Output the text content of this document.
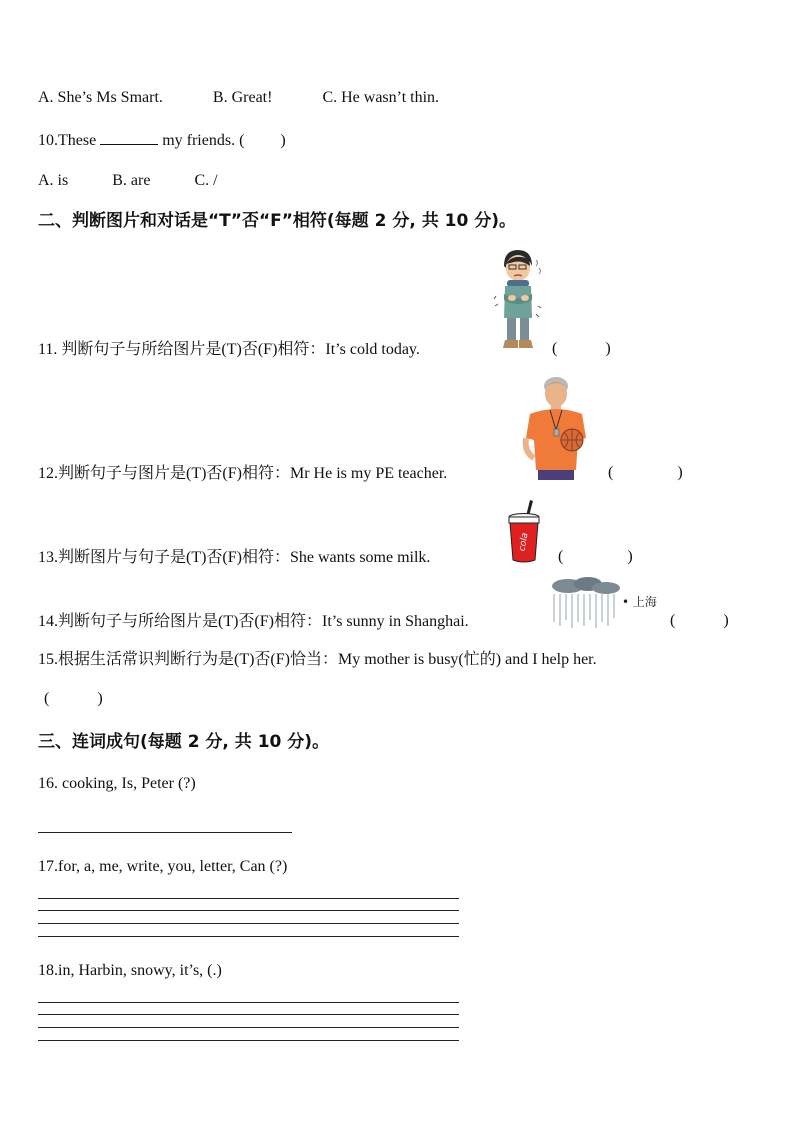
A. She’s Ms Smart.	B. Great!	C. He wasn’t thin.
10.These	my friends. ( )
A. is	B. are	C. /
二、判断图片和对话是“T”否“F”相符(每题 2 分, 共 10 分)。
11. 判断句子与所给图片是(T)否(F)相符：It’s cold today.	(　　　)
12.判断句子与图片是(T)否(F)相符：Mr He is my PE teacher.	(　　　　)
cola
13.判断图片与句子是(T)否(F)相符：She wants some milk.	(　　　　)
• 上海
14.判断句子与所给图片是(T)否(F)相符：It’s sunny in Shanghai.	(　　　)
15.根据生活常识判断行为是(T)否(F)恰当：My mother is busy(忙的) and I help her.
(　　　)
三、连词成句(每题 2 分, 共 10 分)。
16. cooking, Is, Peter (?)
17.for, a, me, write, you, letter, Can (?)
18.in, Harbin, snowy, it’s, (.)
